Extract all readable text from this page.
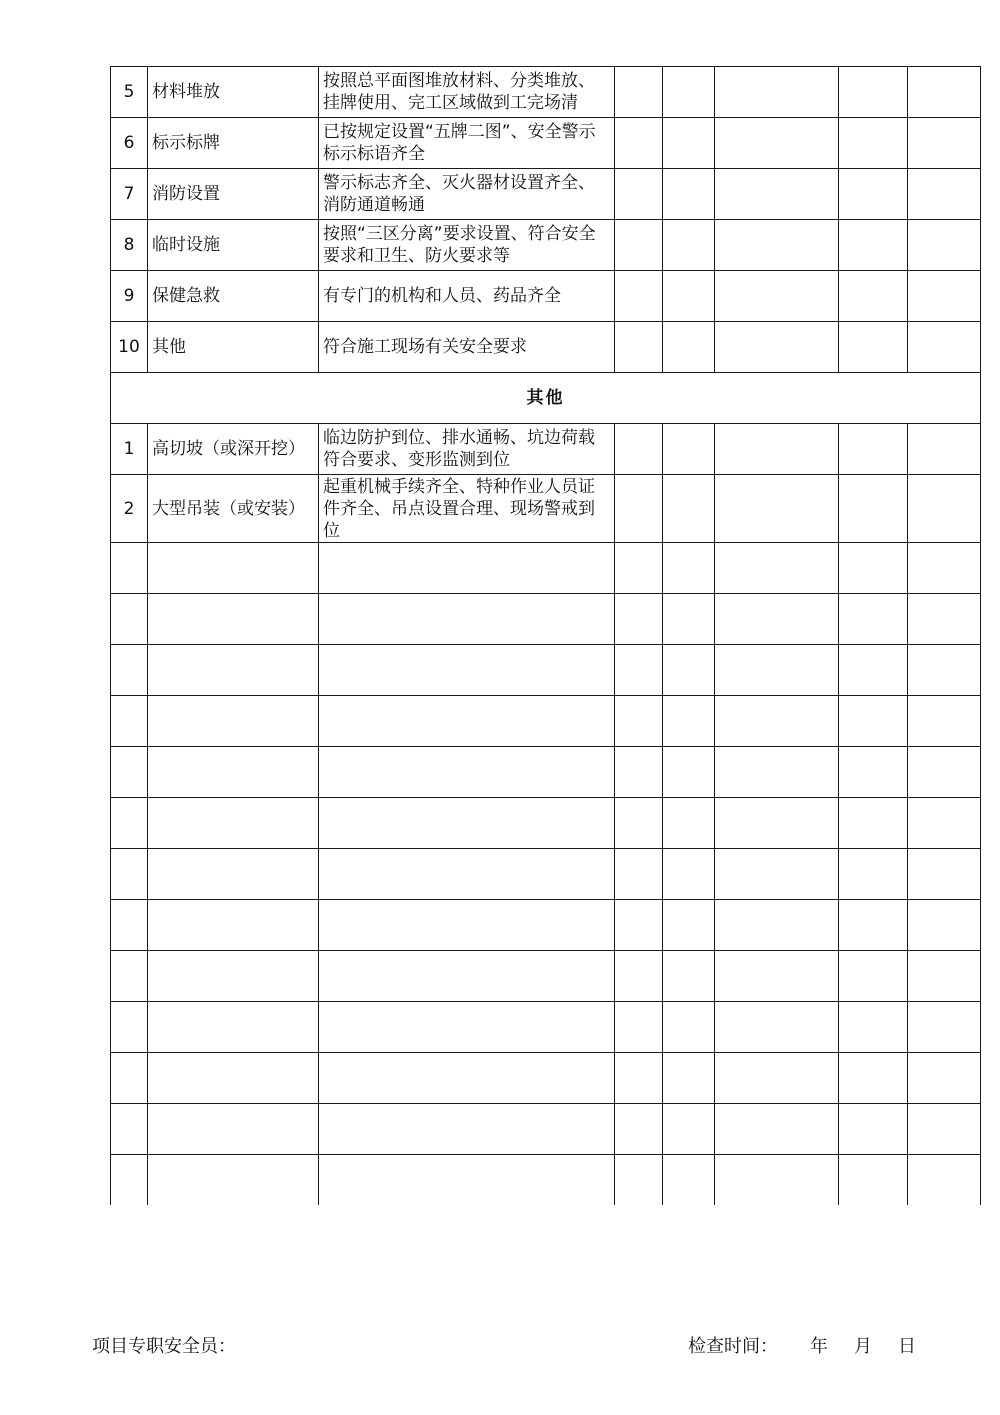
5	材料堆放	按照总平面图堆放材料、分类堆放、挂牌使用、完工区域做到工完场清					
6	标示标牌	已按规定设置“五牌二图”、安全警示标示标语齐全					
7	消防设置	警示标志齐全、灭火器材设置齐全、消防通道畅通					
8	临时设施	按照“三区分离”要求设置、符合安全要求和卫生、防火要求等					
9	保健急救	有专门的机构和人员、药品齐全					
10	其他	符合施工现场有关安全要求					
其他							
1	高切坡（或深开挖）	临边防护到位、排水通畅、坑边荷载符合要求、变形监测到位					
2	大型吊装（或安装）	起重机械手续齐全、特种作业人员证件齐全、吊点设置合理、现场警戒到位					

项目专职安全员：	检查时间： 年 月 日
